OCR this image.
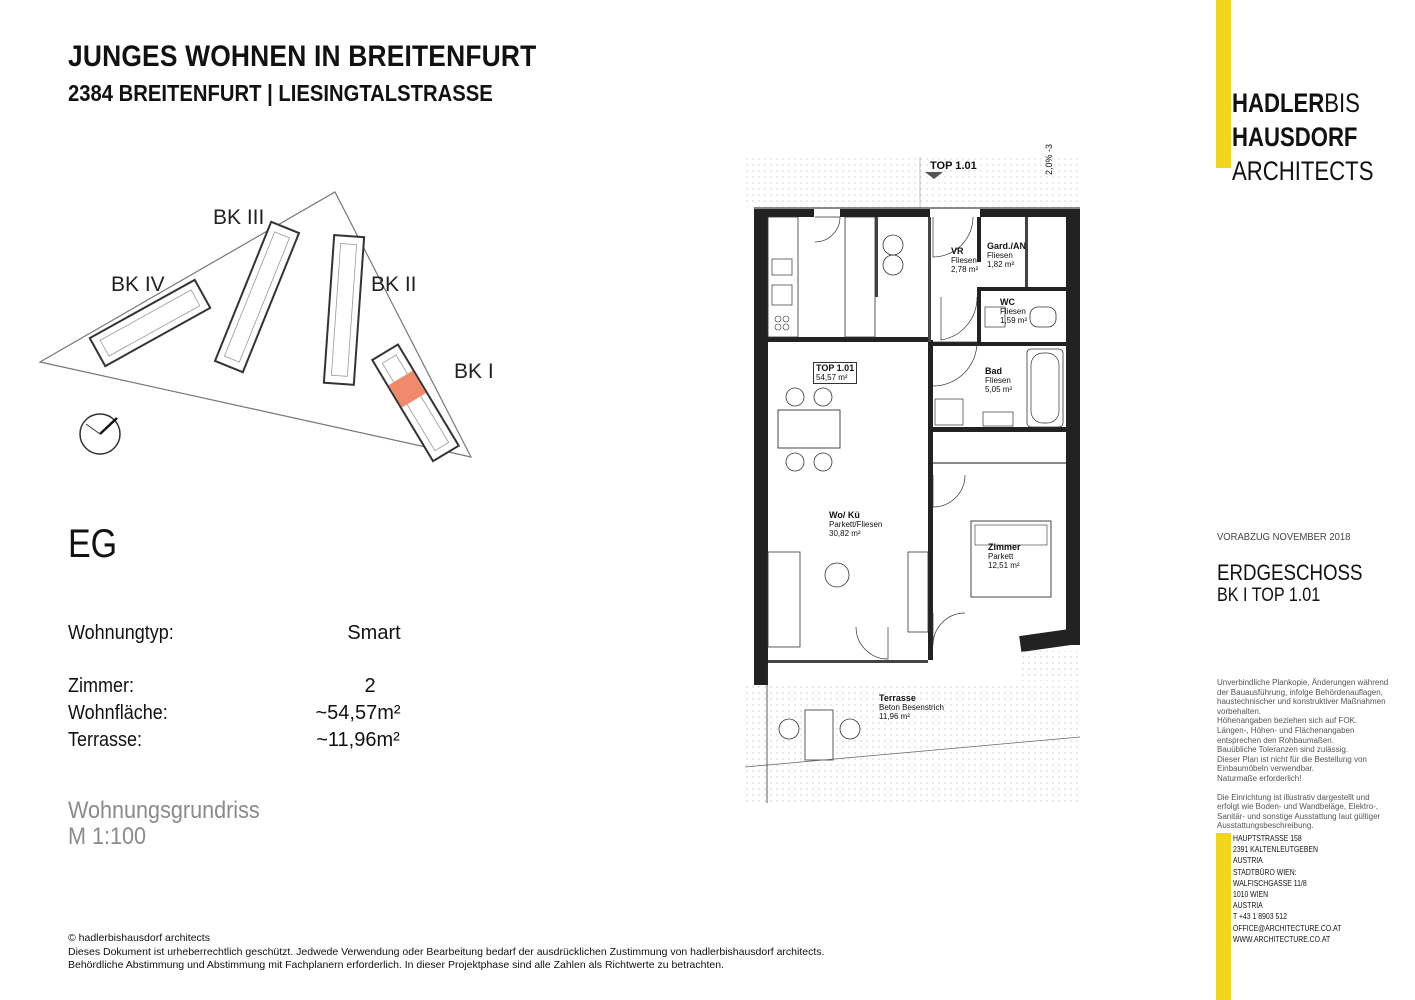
JUNGES WOHNEN IN BREITENFURT
2384 BREITENFURT | LIESINGTALSTRASSE
BK IV
BK III
BK II
BK I
EG
Wohnungtyp:	Smart
Zimmer:	2
Wohnfläche:	~54,57m²
Terrasse:	~11,96m²
Wohnungsgrundriss
M 1:100
© hadlerbishausdorf architects
Dieses Dokument ist urheberrechtlich geschützt. Jedwede Verwendung oder Bearbeitung bedarf der ausdrücklichen Zustimmung von hadlerbishausdorf architects.
Behördliche Abstimmung und Abstimmung mit Fachplanern erforderlich. In dieser Projektphase sind alle Zahlen als Richtwerte zu betrachten.
TOP 1.01	2,0% -3
TOP 1.01
54,57 m²
VR
Fliesen
2,78 m²
Gard./AN
Fliesen
1,82 m²
WC
Fliesen
1,59 m²
Bad
Fliesen
5,05 m²
Wo/ Kü
Parkett/Fliesen
30,82 m²
Zimmer
Parkett
12,51 m²
Terrasse
Beton Besenstrich
11,96 m²
HADLERBIS
HAUSDORF
ARCHITECTS
VORABZUG NOVEMBER 2018
ERDGESCHOSS
BK I TOP 1.01
Unverbindliche Plankopie, Änderungen während
der Bauausführung, infolge Behördenauflagen,
haustechnischer und konstruktiver Maßnahmen
vorbehalten.
Höhenangaben beziehen sich auf FOK.
Längen-, Höhen- und Flächenangaben
entsprechen den Rohbaumaßen.
Bauübliche Toleranzen sind zulässig.
Dieser Plan ist nicht für die Bestellung von
Einbaumöbeln verwendbar.
Naturmaße erforderlich!
Die Einrichtung ist illustrativ dargestellt und
erfolgt wie Boden- und Wandbeläge, Elektro-,
Sanitär- und sonstige Ausstattung laut gültiger
Ausstattungsbeschreibung.
HAUPTSTRASSE 158
2391 KALTENLEUTGEBEN
AUSTRIA
STADTBÜRO WIEN:
WALFISCHGASSE 11/8
1010 WIEN
AUSTRIA
T +43 1 8903 512
OFFICE@ARCHITECTURE.CO.AT
WWW.ARCHITECTURE.CO.AT
